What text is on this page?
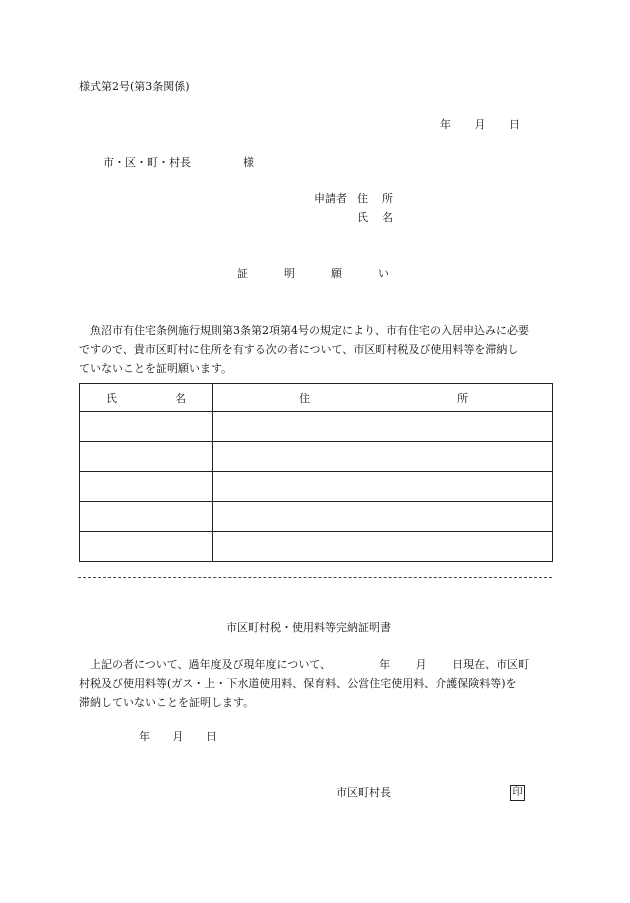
様式第2号(第3条関係)
年 月 日
市・区・町・村長	様
申請者 住 所
氏 名
証	明	願	い
魚沼市有住宅条例施行規則第3条第2項第4号の規定により、市有住宅の入居申込みに必要
ですので、貴市区町村に住所を有する次の者について、市区町村税及び使用料等を滞納し
ていないことを証明願います。
氏 名	住 所

市区町村税・使用料等完納証明書
上記の者について、過年度及び現年度について、	年 月 日 現在、市区町
村税及び使用料等(ガス・上・下水道使用料、保育料、公営住宅使用料、介護保険料等)を
滞納していないことを証明します。
年 月 日
市区町村長	印
